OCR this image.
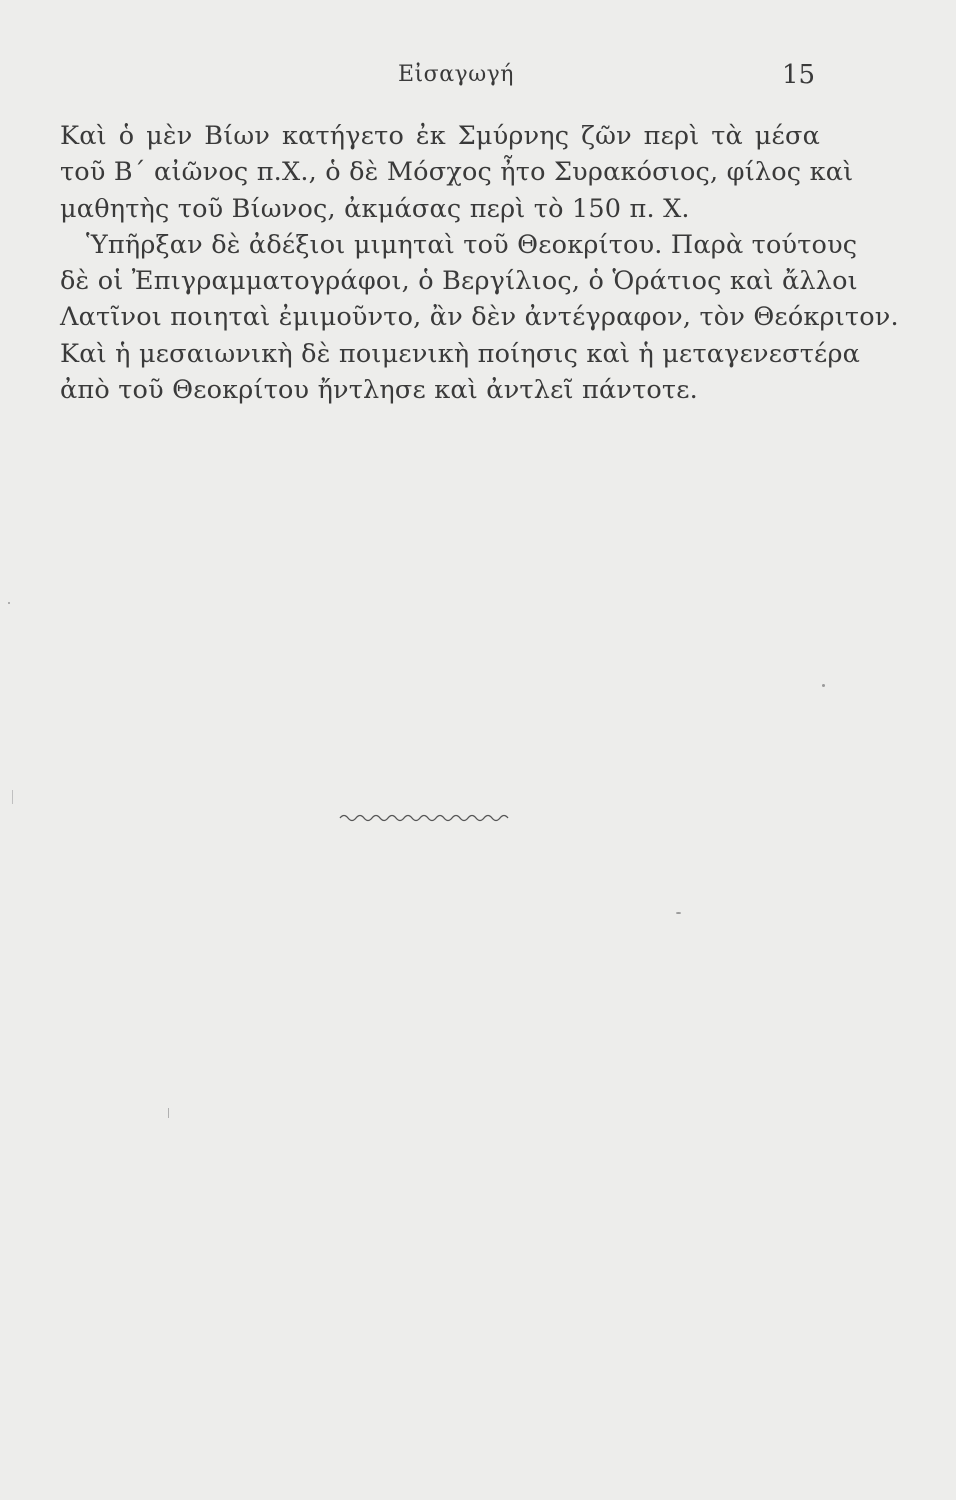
Εἰσαγωγή	15
Καὶ ὁ μὲν Βίων κατήγετο ἐκ Σμύρνης ζῶν περὶ τὰ μέσα
τοῦ Β΄ αἰῶνος π.Χ., ὁ δὲ Μόσχος ἦτο Συρακόσιος, φίλος καὶ
μαθητὴς τοῦ Βίωνος, ἀκμάσας περὶ τὸ 150 π. Χ.
Ὑπῆρξαν δὲ ἀδέξιοι μιμηταὶ τοῦ Θεοκρίτου. Παρὰ τούτους
δὲ οἱ Ἐπιγραμματογράφοι, ὁ Βεργίλιος, ὁ Ὁράτιος καὶ ἄλλοι
Λατῖνοι ποιηταὶ ἐμιμοῦντο, ἂν δὲν ἀντέγραφον, τὸν Θεόκριτον.
Καὶ ἡ μεσαιωνικὴ δὲ ποιμενικὴ ποίησις καὶ ἡ μεταγενεστέρα
ἀπὸ τοῦ Θεοκρίτου ἤντλησε καὶ ἀντλεῖ πάντοτε.
